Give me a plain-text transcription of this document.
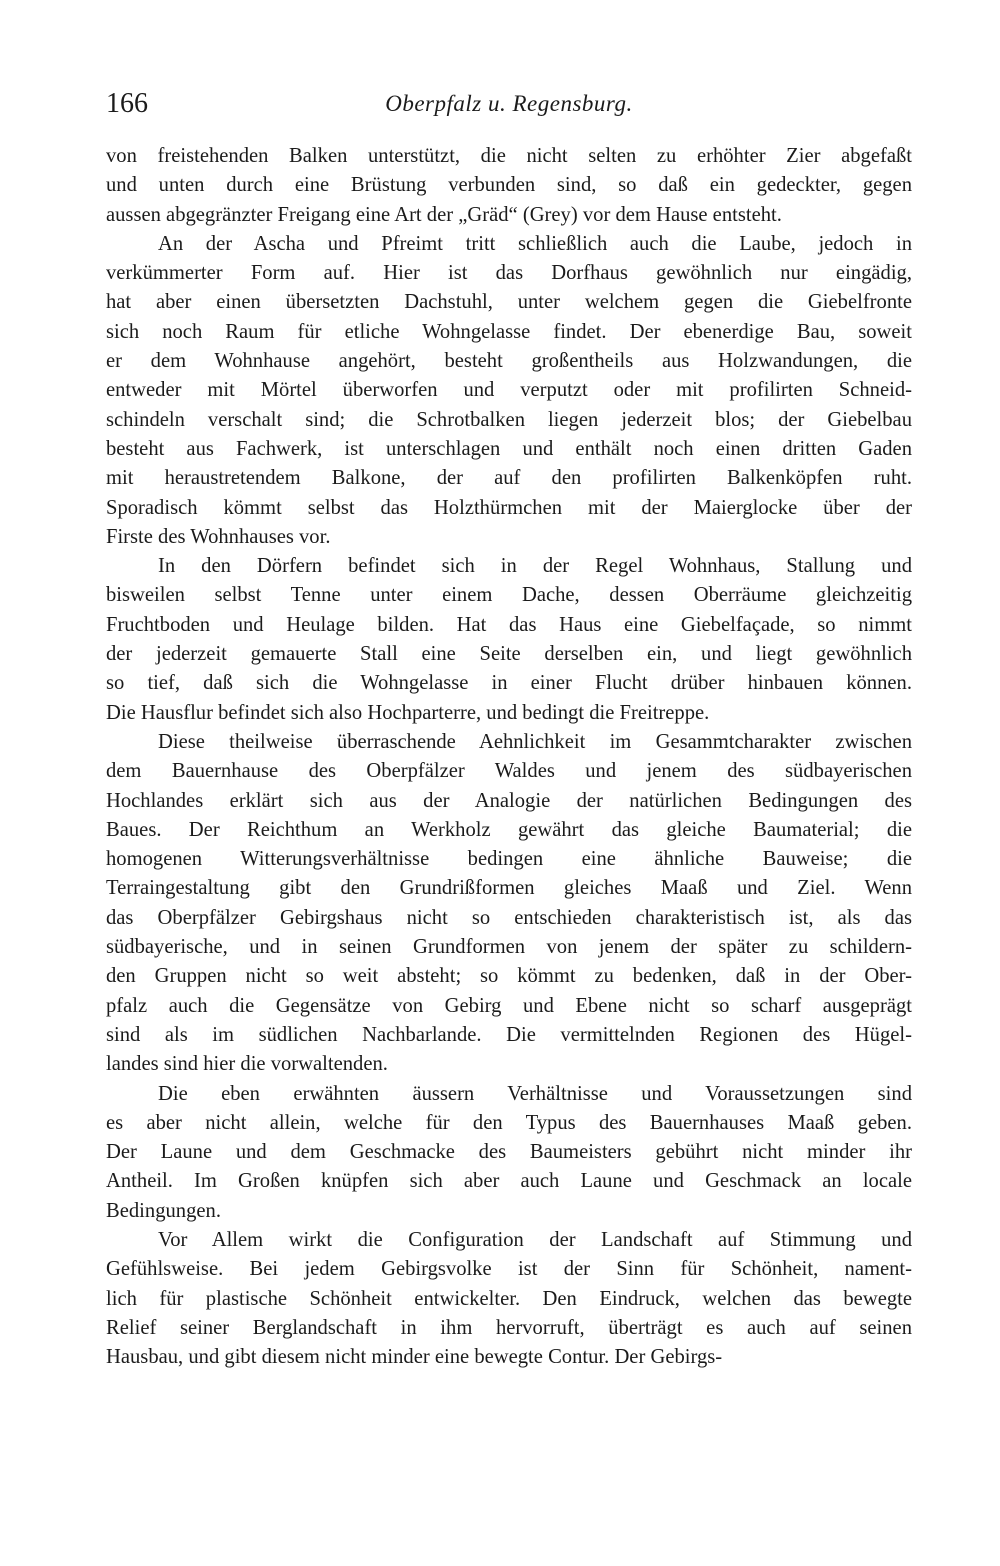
166	Oberpfalz u. Regensburg.
von freistehenden Balken unterstützt, die nicht selten zu erhöhter Zier abgefaßt
und unten durch eine Brüstung verbunden sind, so daß ein gedeckter, gegen
aussen abgegränzter Freigang eine Art der „Gräd“ (Grey) vor dem Hause entsteht.
An der Ascha und Pfreimt tritt schließlich auch die Laube, jedoch in
verkümmerter Form auf. Hier ist das Dorfhaus gewöhnlich nur eingädig,
hat aber einen übersetzten Dachstuhl, unter welchem gegen die Giebelfronte
sich noch Raum für etliche Wohngelasse findet. Der ebenerdige Bau, soweit
er dem Wohnhause angehört, besteht großentheils aus Holzwandungen, die
entweder mit Mörtel überworfen und verputzt oder mit profilirten Schneid-
schindeln verschalt sind; die Schrotbalken liegen jederzeit blos; der Giebelbau
besteht aus Fachwerk, ist unterschlagen und enthält noch einen dritten Gaden
mit heraustretendem Balkone, der auf den profilirten Balkenköpfen ruht.
Sporadisch kömmt selbst das Holzthürmchen mit der Maierglocke über der
Firste des Wohnhauses vor.
In den Dörfern befindet sich in der Regel Wohnhaus, Stallung und
bisweilen selbst Tenne unter einem Dache, dessen Oberräume gleichzeitig
Fruchtboden und Heulage bilden. Hat das Haus eine Giebelfaçade, so nimmt
der jederzeit gemauerte Stall eine Seite derselben ein, und liegt gewöhnlich
so tief, daß sich die Wohngelasse in einer Flucht drüber hinbauen können.
Die Hausflur befindet sich also Hochparterre, und bedingt die Freitreppe.
Diese theilweise überraschende Aehnlichkeit im Gesammtcharakter zwischen
dem Bauernhause des Oberpfälzer Waldes und jenem des südbayerischen
Hochlandes erklärt sich aus der Analogie der natürlichen Bedingungen des
Baues. Der Reichthum an Werkholz gewährt das gleiche Baumaterial; die
homogenen Witterungsverhältnisse bedingen eine ähnliche Bauweise; die
Terraingestaltung gibt den Grundrißformen gleiches Maaß und Ziel. Wenn
das Oberpfälzer Gebirgshaus nicht so entschieden charakteristisch ist, als das
südbayerische, und in seinen Grundformen von jenem der später zu schildern-
den Gruppen nicht so weit absteht; so kömmt zu bedenken, daß in der Ober-
pfalz auch die Gegensätze von Gebirg und Ebene nicht so scharf ausgeprägt
sind als im südlichen Nachbarlande. Die vermittelnden Regionen des Hügel-
landes sind hier die vorwaltenden.
Die eben erwähnten äussern Verhältnisse und Voraussetzungen sind
es aber nicht allein, welche für den Typus des Bauernhauses Maaß geben.
Der Laune und dem Geschmacke des Baumeisters gebührt nicht minder ihr
Antheil. Im Großen knüpfen sich aber auch Laune und Geschmack an locale
Bedingungen.
Vor Allem wirkt die Configuration der Landschaft auf Stimmung und
Gefühlsweise. Bei jedem Gebirgsvolke ist der Sinn für Schönheit, nament-
lich für plastische Schönheit entwickelter. Den Eindruck, welchen das bewegte
Relief seiner Berglandschaft in ihm hervorruft, überträgt es auch auf seinen
Hausbau, und gibt diesem nicht minder eine bewegte Contur. Der Gebirgs-
